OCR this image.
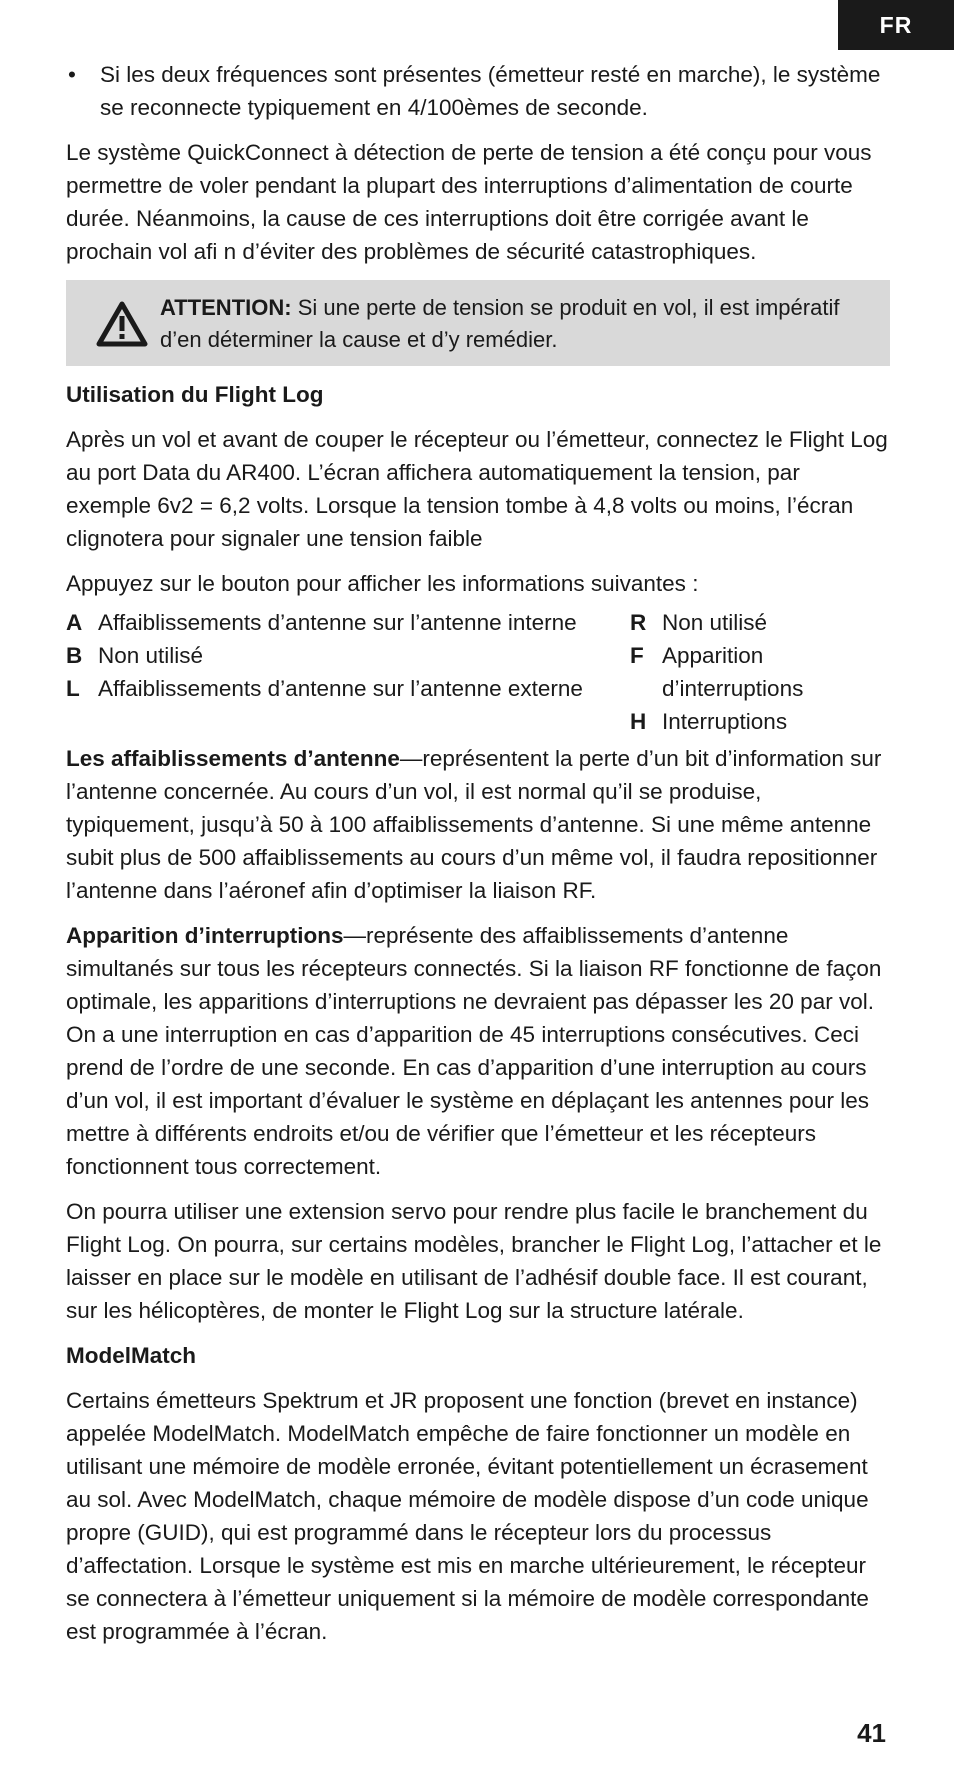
FR
•	Si les deux fréquences sont présentes (émetteur resté en marche), le système se reconnecte typiquement en 4/100èmes de seconde.

Le système QuickConnect à détection de perte de tension a été conçu pour vous permettre de voler pendant la plupart des interruptions d’alimentation de courte durée. Néanmoins, la cause de ces interruptions doit être corrigée avant le prochain vol afi n d’éviter des problèmes de sécurité catastrophiques.

ATTENTION: Si une perte de tension se produit en vol, il est impératif d’en déterminer la cause et d’y remédier.
Utilisation du Flight Log

Après un vol et avant de couper le récepteur ou l’émetteur, connectez le Flight Log au port Data du AR400. L’écran affichera automatiquement la tension, par exemple 6v2 = 6,2 volts. Lorsque la tension tombe à 4,8 volts ou moins, l’écran clignotera pour signaler une tension faible

Appuyez sur le bouton pour afficher les informations suivantes :

A Affaiblissements d’antenne sur l’antenne interne
B Non utilisé
L Affaiblissements d’antenne sur l’antenne externe
R Non utilisé
F Apparition d’interruptions
H Interruptions

Les affaiblissements d’antenne—représentent la perte d’un bit d’information sur l’antenne concernée. Au cours d’un vol, il est normal qu’il se produise, typiquement, jusqu’à 50 à 100 affaiblissements d’antenne. Si une même antenne subit plus de 500 affaiblissements au cours d’un même vol, il faudra repositionner l’antenne dans l’aéronef afin d’optimiser la liaison RF.

Apparition d’interruptions—représente des affaiblissements d’antenne simultanés sur tous les récepteurs connectés. Si la liaison RF fonctionne de façon optimale, les apparitions d’interruptions ne devraient pas dépasser les 20 par vol. On a une interruption en cas d’apparition de 45 interruptions consécutives. Ceci prend de l’ordre de une seconde. En cas d’apparition d’une interruption au cours d’un vol, il est important d’évaluer le système en déplaçant les antennes pour les mettre à différents endroits et/ou de vérifier que l’émetteur et les récepteurs fonctionnent tous correctement.

On pourra utiliser une extension servo pour rendre plus facile le branchement du Flight Log. On pourra, sur certains modèles, brancher le Flight Log, l’attacher et le laisser en place sur le modèle en utilisant de l’adhésif double face. Il est courant, sur les hélicoptères, de monter le Flight Log sur la structure latérale.

ModelMatch

Certains émetteurs Spektrum et JR proposent une fonction (brevet en instance) appelée ModelMatch. ModelMatch empêche de faire fonctionner un modèle en utilisant une mémoire de modèle erronée, évitant potentiellement un écrasement au sol. Avec ModelMatch, chaque mémoire de modèle dispose d’un code unique propre (GUID), qui est programmé dans le récepteur lors du processus d’affectation. Lorsque le système est mis en marche ultérieurement, le récepteur se connectera à l’émetteur uniquement si la mémoire de modèle correspondante est programmée à l’écran.

41
